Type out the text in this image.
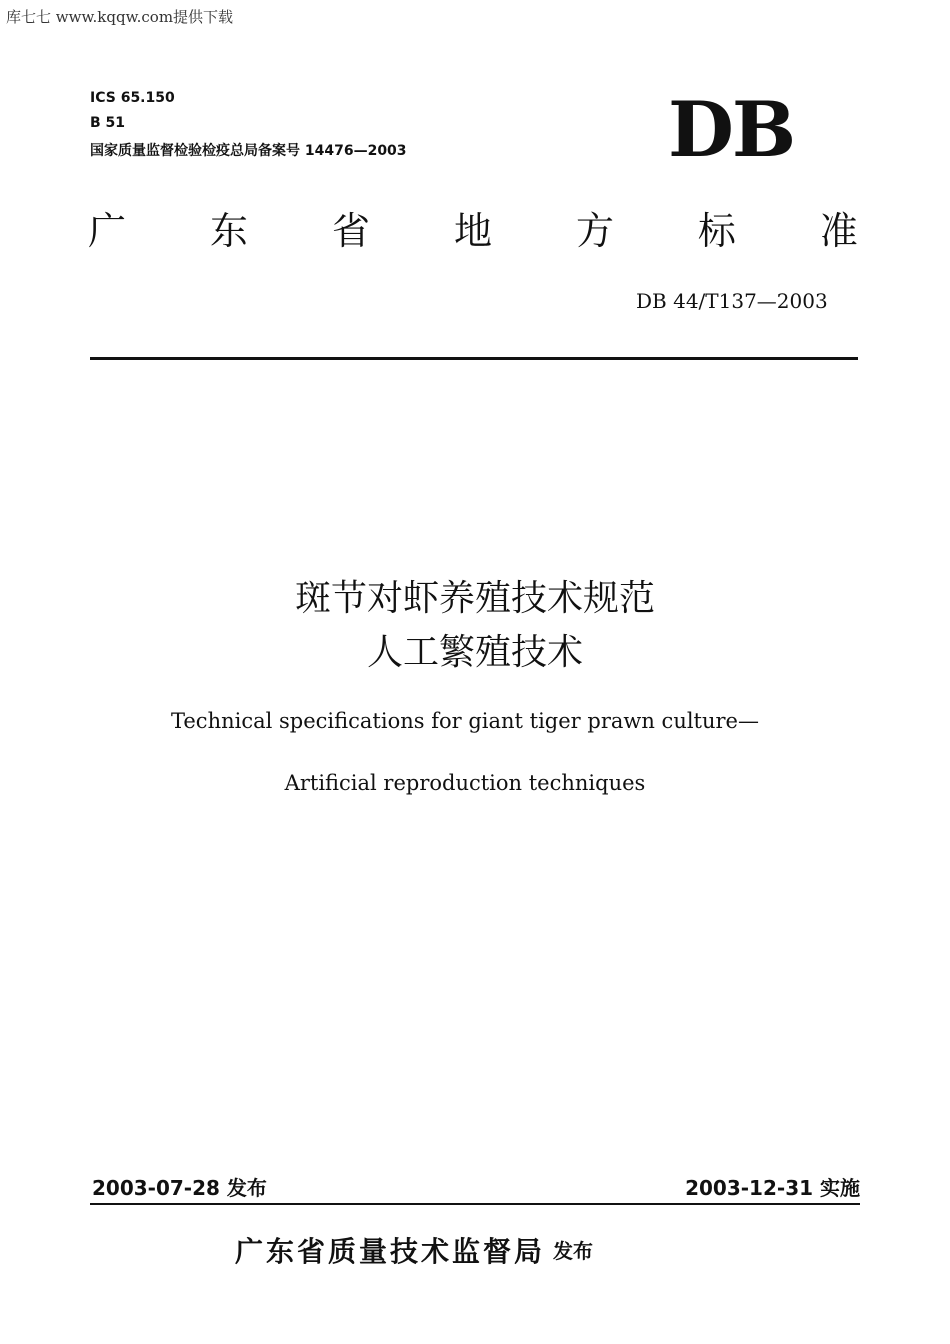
库七七 www.kqqw.com提供下载
ICS 65.150
B 51
国家质量监督检验检疫总局备案号 14476—2003	DB
广 东 省 地 方 标 准
DB 44/T137—2003
斑节对虾养殖技术规范
人工繁殖技术
Technical specifications for giant tiger prawn culture—
Artificial reproduction techniques
2003-07-28 发布	2003-12-31 实施
广东省质量技术监督局 发布
